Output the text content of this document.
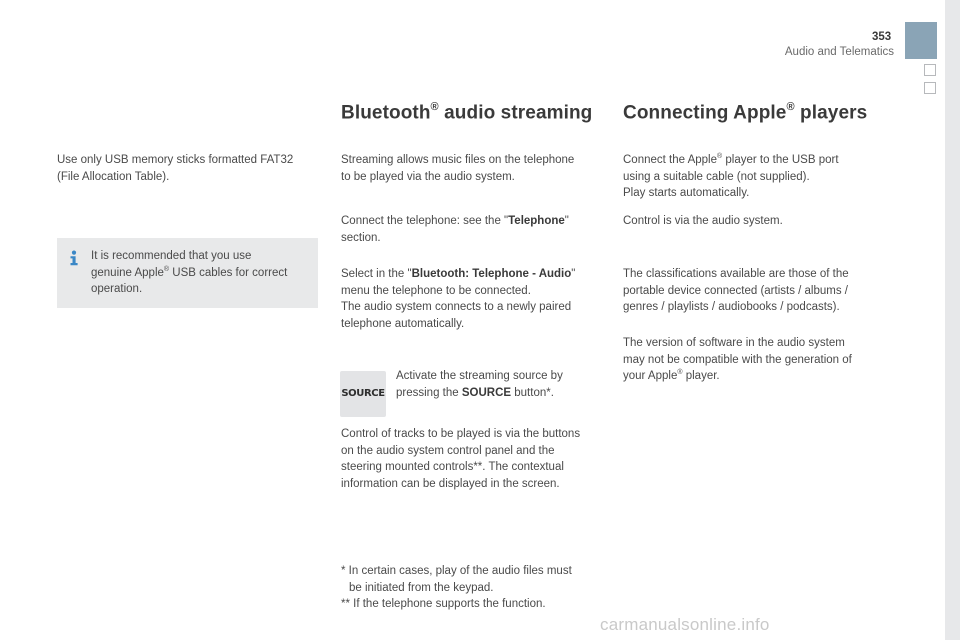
353
Audio and Telematics

Use only USB memory sticks formatted FAT32
(File Allocation Table).

It is recommended that you use
genuine Apple® USB cables for correct
operation.

Bluetooth® audio streaming

Streaming allows music files on the telephone
to be played via the audio system.

Connect the telephone: see the "Telephone"
section.

Select in the "Bluetooth: Telephone - Audio"
menu the telephone to be connected.
The audio system connects to a newly paired
telephone automatically.

SOURCE

Activate the streaming source by
pressing the SOURCE button*.

Control of tracks to be played is via the buttons
on the audio system control panel and the
steering mounted controls**. The contextual
information can be displayed in the screen.

* In certain cases, play of the audio files must
be initiated from the keypad.
** If the telephone supports the function.

Connecting Apple® players

Connect the Apple® player to the USB port
using a suitable cable (not supplied).
Play starts automatically.

Control is via the audio system.

The classifications available are those of the
portable device connected (artists / albums /
genres / playlists / audiobooks / podcasts).

The version of software in the audio system
may not be compatible with the generation of
your Apple® player.

carmanualsonline.info
